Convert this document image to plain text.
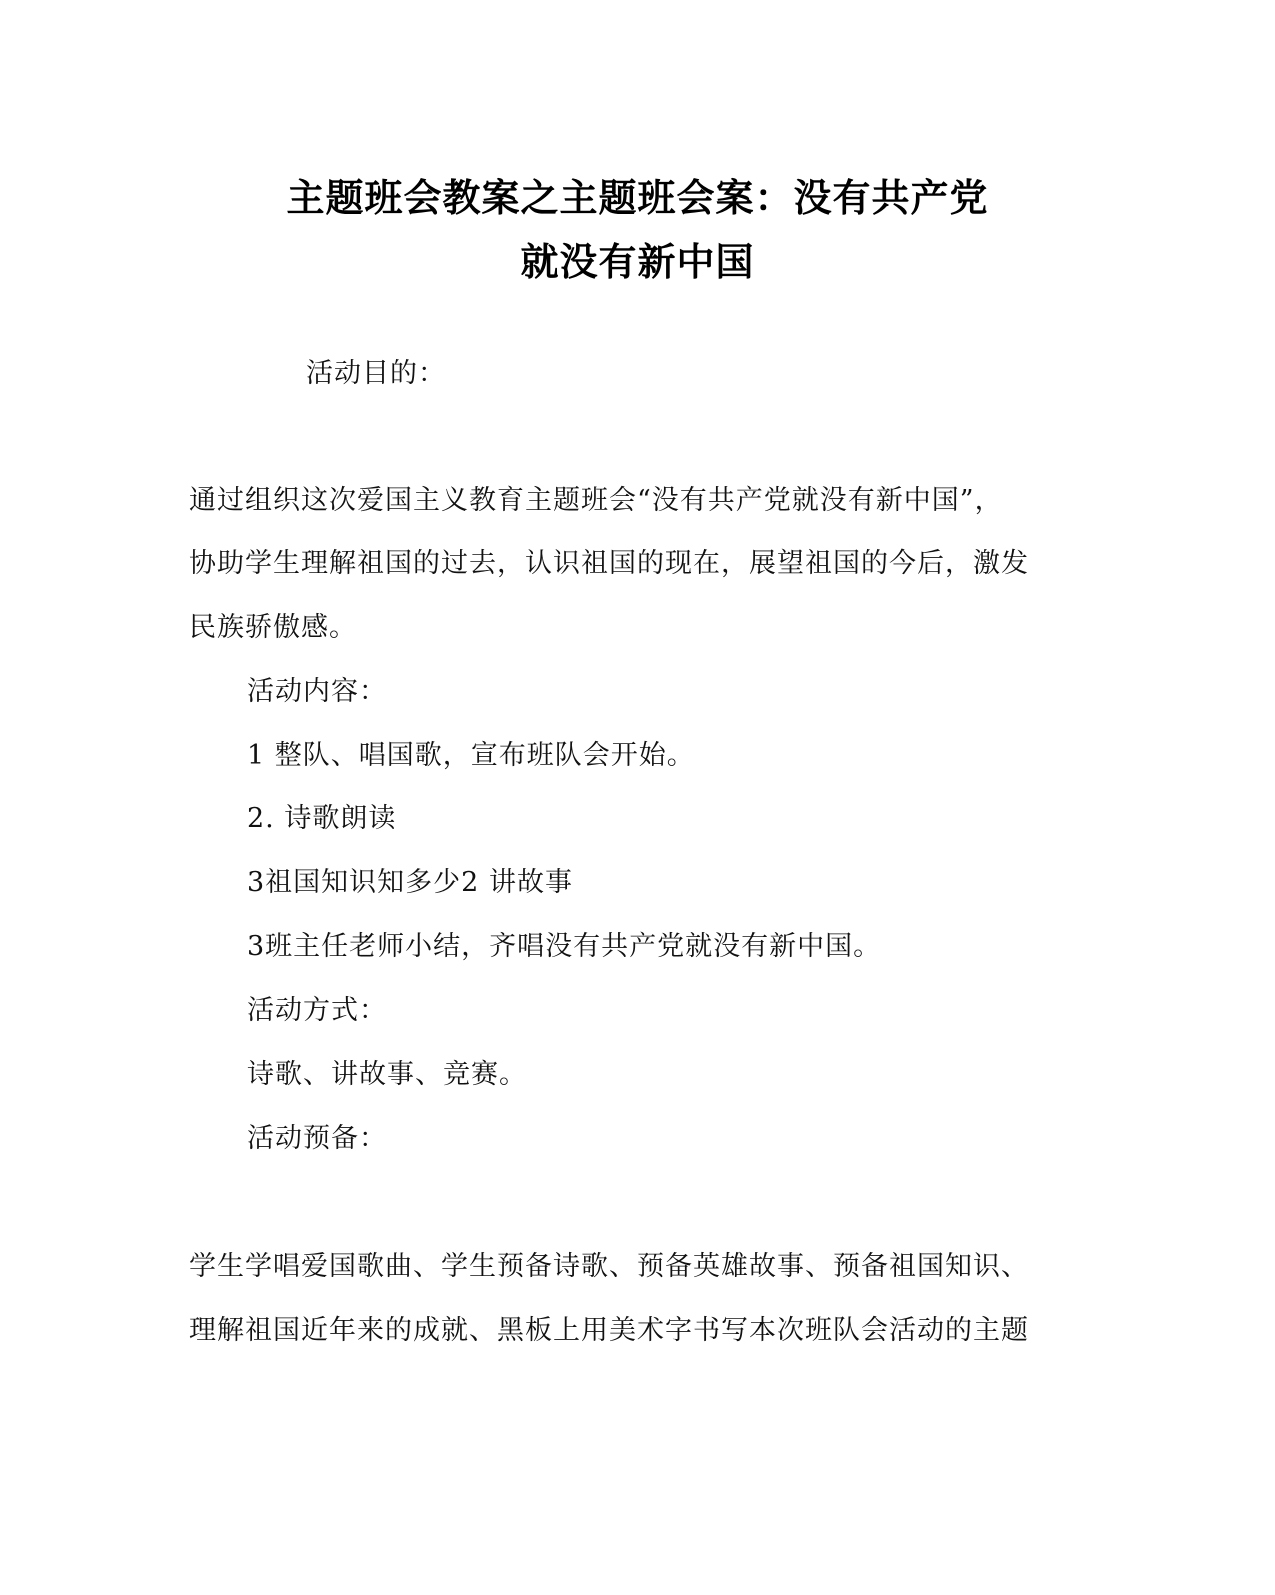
主题班会教案之主题班会案：没有共产党
就没有新中国
活动目的：
通过组织这次爱国主义教育主题班会“没有共产党就没有新中国”，
协助学生理解祖国的过去，认识祖国的现在，展望祖国的今后，激发
民族骄傲感。
活动内容：
1 整队、唱国歌，宣布班队会开始。
2. 诗歌朗读
3祖国知识知多少2 讲故事
3班主任老师小结，齐唱没有共产党就没有新中国。
活动方式：
诗歌、讲故事、竞赛。
活动预备：
学生学唱爱国歌曲、学生预备诗歌、预备英雄故事、预备祖国知识、
理解祖国近年来的成就、黑板上用美术字书写本次班队会活动的主题
